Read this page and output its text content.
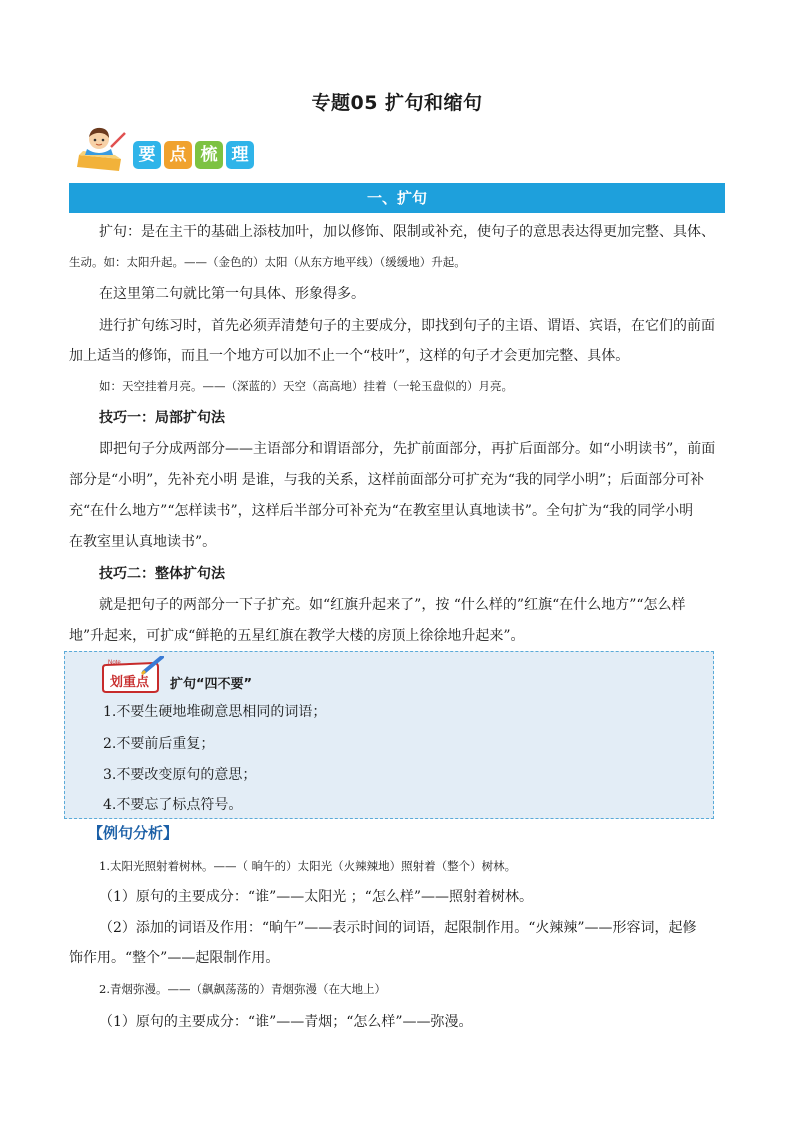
专题05 扩句和缩句
要 点 梳 理
一、扩句
扩句：是在主干的基础上添枝加叶，加以修饰、限制或补充，使句子的意思表达得更加完整、具体、
生动。如：太阳升起。——（金色的）太阳（从东方地平线）（缓缓地）升起。
在这里第二句就比第一句具体、形象得多。
进行扩句练习时，首先必须弄清楚句子的主要成分，即找到句子的主语、谓语、宾语，在它们的前面
加上适当的修饰，而且一个地方可以加不止一个“枝叶”，这样的句子才会更加完整、具体。
如：天空挂着月亮。——（深蓝的）天空（高高地）挂着（一轮玉盘似的）月亮。
技巧一：局部扩句法
即把句子分成两部分——主语部分和谓语部分，先扩前面部分，再扩后面部分。如“小明读书”，前面
部分是“小明”，先补充小明 是谁，与我的关系，这样前面部分可扩充为“我的同学小明”；后面部分可补
充“在什么地方”“怎样读书”，这样后半部分可补充为“在教室里认真地读书”。全句扩为“我的同学小明
在教室里认真地读书”。
技巧二：整体扩句法
就是把句子的两部分一下子扩充。如“红旗升起来了”，按 “什么样的”红旗“在什么地方”“怎么样
地”升起来，可扩成“鲜艳的五星红旗在教学大楼的房顶上徐徐地升起来”。
Note
划重点 扩句“四不要”
1.不要生硬地堆砌意思相同的词语；
2.不要前后重复；
3.不要改变原句的意思；
4.不要忘了标点符号。
【例句分析】
1.太阳光照射着树林。——（ 晌午的）太阳光（火辣辣地）照射着（整个）树林。
（1）原句的主要成分：“谁”——太阳光 ；“怎么样”——照射着树林。
（2）添加的词语及作用：“晌午”——表示时间的词语，起限制作用。“火辣辣”——形容词，起修
饰作用。“整个”——起限制作用。
2.青烟弥漫。——（飙飙荡荡的）青烟弥漫（在大地上）
（1）原句的主要成分：“谁”——青烟；“怎么样”——弥漫。
